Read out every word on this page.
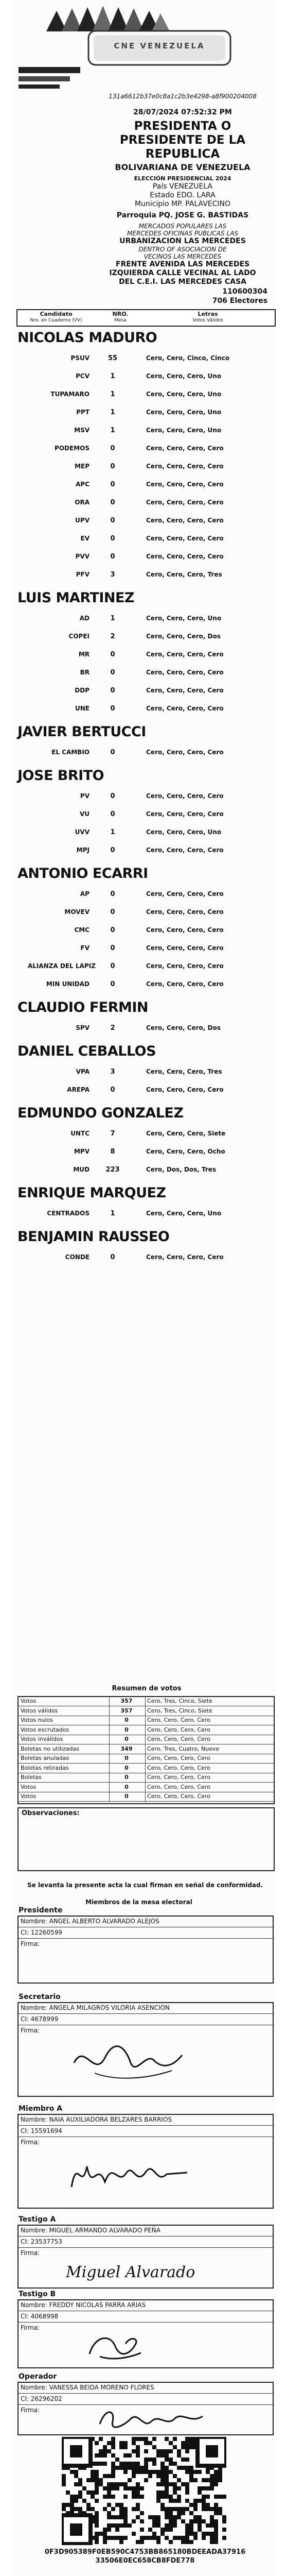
CNE VENEZUELA
131a6612b37e0c8a1c2b3e4298-a8f900204008
28/07/2024 07:52:32 PM
PRESIDENTA O
PRESIDENTE DE LA
REPUBLICA
BOLIVARIANA DE VENEZUELA
ELECCIÓN PRESIDENCIAL 2024
País VENEZUELA
Estado EDO. LARA
Municipio MP. PALAVECINO
Parroquia PQ. JOSE G. BASTIDAS
MERCADOS POPULARES LAS
MERCEDES OFICINAS PUBLICAS LAS
URBANIZACION LAS MERCEDES
DENTRO OF ASOCIACION DE
VECINOS LAS MERCEDES
FRENTE AVENIDA LAS MERCEDES
IZQUIERDA CALLE VECINAL AL LADO
DEL C.E.I. LAS MERCEDES CASA
110600304
706 Electores
Candidato	NRO.	Letras
Nro. en Cuaderno (VV)	Mesa	Votos Válidos
NICOLAS MADURO
PSUV	55	Cero, Cero, Cinco, Cinco
PCV	1	Cero, Cero, Cero, Uno
TUPAMARO	1	Cero, Cero, Cero, Uno
PPT	1	Cero, Cero, Cero, Uno
MSV	1	Cero, Cero, Cero, Uno
PODEMOS	0	Cero, Cero, Cero, Cero
MEP	0	Cero, Cero, Cero, Cero
APC	0	Cero, Cero, Cero, Cero
ORA	0	Cero, Cero, Cero, Cero
UPV	0	Cero, Cero, Cero, Cero
EV	0	Cero, Cero, Cero, Cero
PVV	0	Cero, Cero, Cero, Cero
PFV	3	Cero, Cero, Cero, Tres
LUIS MARTINEZ
AD	1	Cero, Cero, Cero, Uno
COPEI	2	Cero, Cero, Cero, Dos
MR	0	Cero, Cero, Cero, Cero
BR	0	Cero, Cero, Cero, Cero
DDP	0	Cero, Cero, Cero, Cero
UNE	0	Cero, Cero, Cero, Cero
JAVIER BERTUCCI
EL CAMBIO	0	Cero, Cero, Cero, Cero
JOSE BRITO
PV	0	Cero, Cero, Cero, Cero
VU	0	Cero, Cero, Cero, Cero
UVV	1	Cero, Cero, Cero, Uno
MPJ	0	Cero, Cero, Cero, Cero
ANTONIO ECARRI
AP	0	Cero, Cero, Cero, Cero
MOVEV	0	Cero, Cero, Cero, Cero
CMC	0	Cero, Cero, Cero, Cero
FV	0	Cero, Cero, Cero, Cero
ALIANZA DEL LAPIZ	0	Cero, Cero, Cero, Cero
MIN UNIDAD	0	Cero, Cero, Cero, Cero
CLAUDIO FERMIN
SPV	2	Cero, Cero, Cero, Dos
DANIEL CEBALLOS
VPA	3	Cero, Cero, Cero, Tres
AREPA	0	Cero, Cero, Cero, Cero
EDMUNDO GONZALEZ
UNTC	7	Cero, Cero, Cero, Siete
MPV	8	Cero, Cero, Cero, Ocho
MUD	223	Cero, Dos, Dos, Tres
ENRIQUE MARQUEZ
CENTRADOS	1	Cero, Cero, Cero, Uno
BENJAMIN RAUSSEO
CONDE	0	Cero, Cero, Cero, Cero
Resumen de votos
Votos	357	Cero, Tres, Cinco, Siete
Votos válidos	357	Cero, Tres, Cinco, Siete
Votos nulos	0	Cero, Cero, Cero, Cero
Votos escrutados	0	Cero, Cero, Cero, Cero
Votos inválidos	0	Cero, Cero, Cero, Cero
Boletas no utilizadas	349	Cero, Tres, Cuatro, Nueve
Boletas anuladas	0	Cero, Cero, Cero, Cero
Boletas retiradas	0	Cero, Cero, Cero, Cero
Boletas	0	Cero, Cero, Cero, Cero
Votos	0	Cero, Cero, Cero, Cero
Votos	0	Cero, Cero, Cero, Cero
Observaciones:
Se levanta la presente acta la cual firman en señal de conformidad.
Miembros de la mesa electoral
Presidente
Nombre: ANGEL ALBERTO ALVARADO ALEJOS
CI: 12260599
Firma:
Secretario
Nombre: ANGELA MILAGROS VILORIA ASENCION
CI: 4678999
Firma:
Miembro A
Nombre: NAIA AUXILIADORA BELZARES BARRIOS
CI: 15591694
Firma:
Testigo A
Nombre: MIGUEL ARMANDO ALVARADO PEÑA
CI: 23537753
Firma:
Miguel Alvarado
Testigo B
Nombre: FREDDY NICOLAS PARRA ARIAS
CI: 4068998
Firma:
Operador
Nombre: VANESSA BEIDA MORENO FLORES
CI: 26296202
Firma:
0F3D905389F0EB590C4753BB865180BDEEADA37916
33506E0EC658CB8FDE778
